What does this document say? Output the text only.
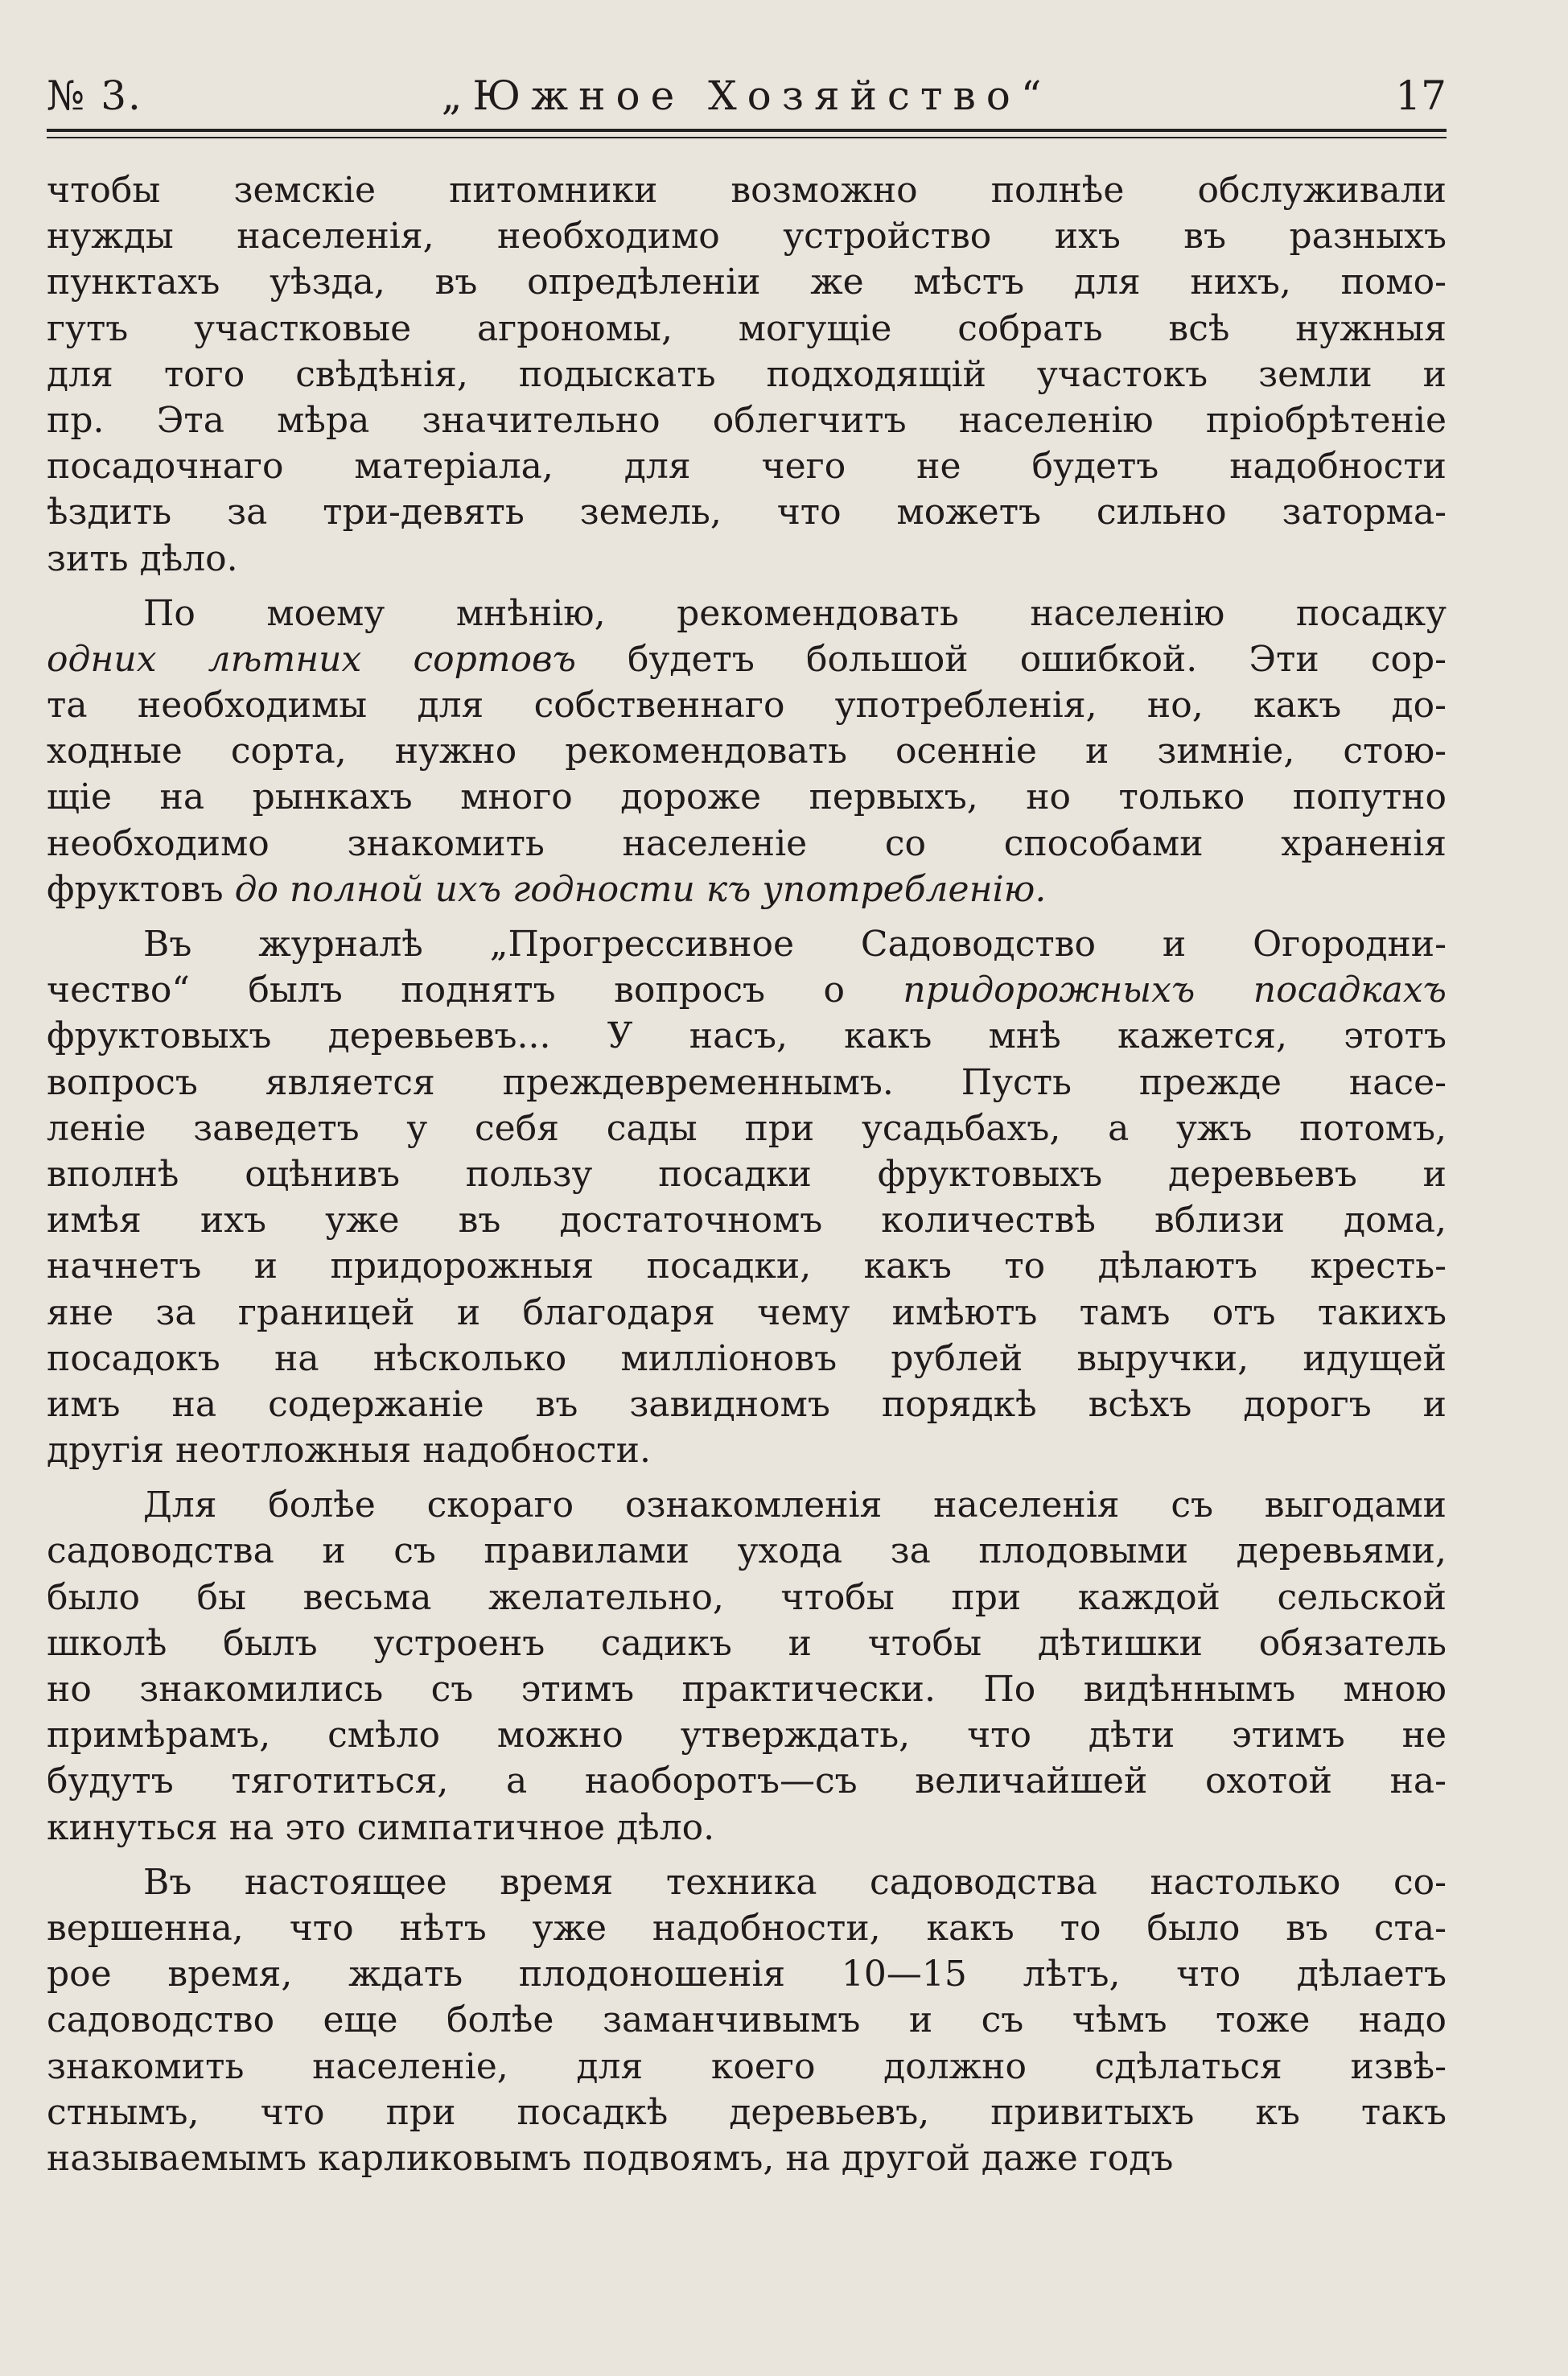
№ 3.	„Южное Хозяйство“	17
чтобы земскіе питомники возможно полнѣе обслуживали
нужды населенія, необходимо устройство ихъ въ разныхъ
пунктахъ уѣзда, въ опредѣленіи же мѣстъ для нихъ, помо-
гутъ участковые агрономы, могущіе собрать всѣ нужныя
для того свѣдѣнія, подыскать подходящій участокъ земли и
пр. Эта мѣра значительно облегчитъ населенію пріобрѣтеніе
посадочнаго матеріала, для чего не будетъ надобности
ѣздить за три-девять земель, что можетъ сильно затормa-
зить дѣло.
По моему мнѣнію, рекомендовать населенію посадку
одних лѣтних сортовъ будетъ большой ошибкой. Эти сор-
та необходимы для собственнаго употребленія, но, какъ до-
ходные сорта, нужно рекомендовать осенніе и зимніе, стою-
щіе на рынкахъ много дороже первыхъ, но только попутно
необходимо знакомить населеніе со способами храненія
фруктовъ до полной ихъ годности къ употребленію.
Въ журналѣ „Прогрессивное Садоводство и Огородни-
чество“ былъ поднятъ вопросъ о придорожныхъ посадкахъ
фруктовыхъ деревьевъ... У насъ, какъ мнѣ кажется, этотъ
вопросъ является преждевременнымъ. Пусть прежде насе-
леніе заведетъ у себя сады при усадьбахъ, а ужъ потомъ,
вполнѣ оцѣнивъ пользу посадки фруктовыхъ деревьевъ и
имѣя ихъ уже въ достаточномъ количествѣ вблизи дома,
начнетъ и придорожныя посадки, какъ то дѣлаютъ кресть-
яне за границей и благодаря чему имѣютъ тамъ отъ такихъ
посадокъ на нѣсколько милліоновъ рублей выручки, идущей
имъ на содержаніе въ завидномъ порядкѣ всѣхъ дорогъ и
другія неотложныя надобности.
Для болѣе скораго ознакомленія населенія съ выгодами
садоводства и съ правилами ухода за плодовыми деревьями,
было бы весьма желательно, чтобы при каждой сельской
школѣ былъ устроенъ садикъ и чтобы дѣтишки обязатель
но знакомились съ этимъ практически. По видѣннымъ мною
примѣрамъ, смѣло можно утверждать, что дѣти этимъ не
будутъ тяготиться, а наоборотъ—съ величайшей охотой на-
кинуться на это симпатичное дѣло.
Въ настоящее время техника садоводства настолько со-
вершенна, что нѣтъ уже надобности, какъ то было въ ста-
рое время, ждать плодоношенія 10—15 лѣтъ, что дѣлаетъ
садоводство еще болѣе заманчивымъ и съ чѣмъ тоже надо
знакомить населеніе, для коего должно сдѣлаться извѣ-
стнымъ, что при посадкѣ деревьевъ, привитыхъ къ такъ
называемымъ карликовымъ подвоямъ, на другой даже годъ
